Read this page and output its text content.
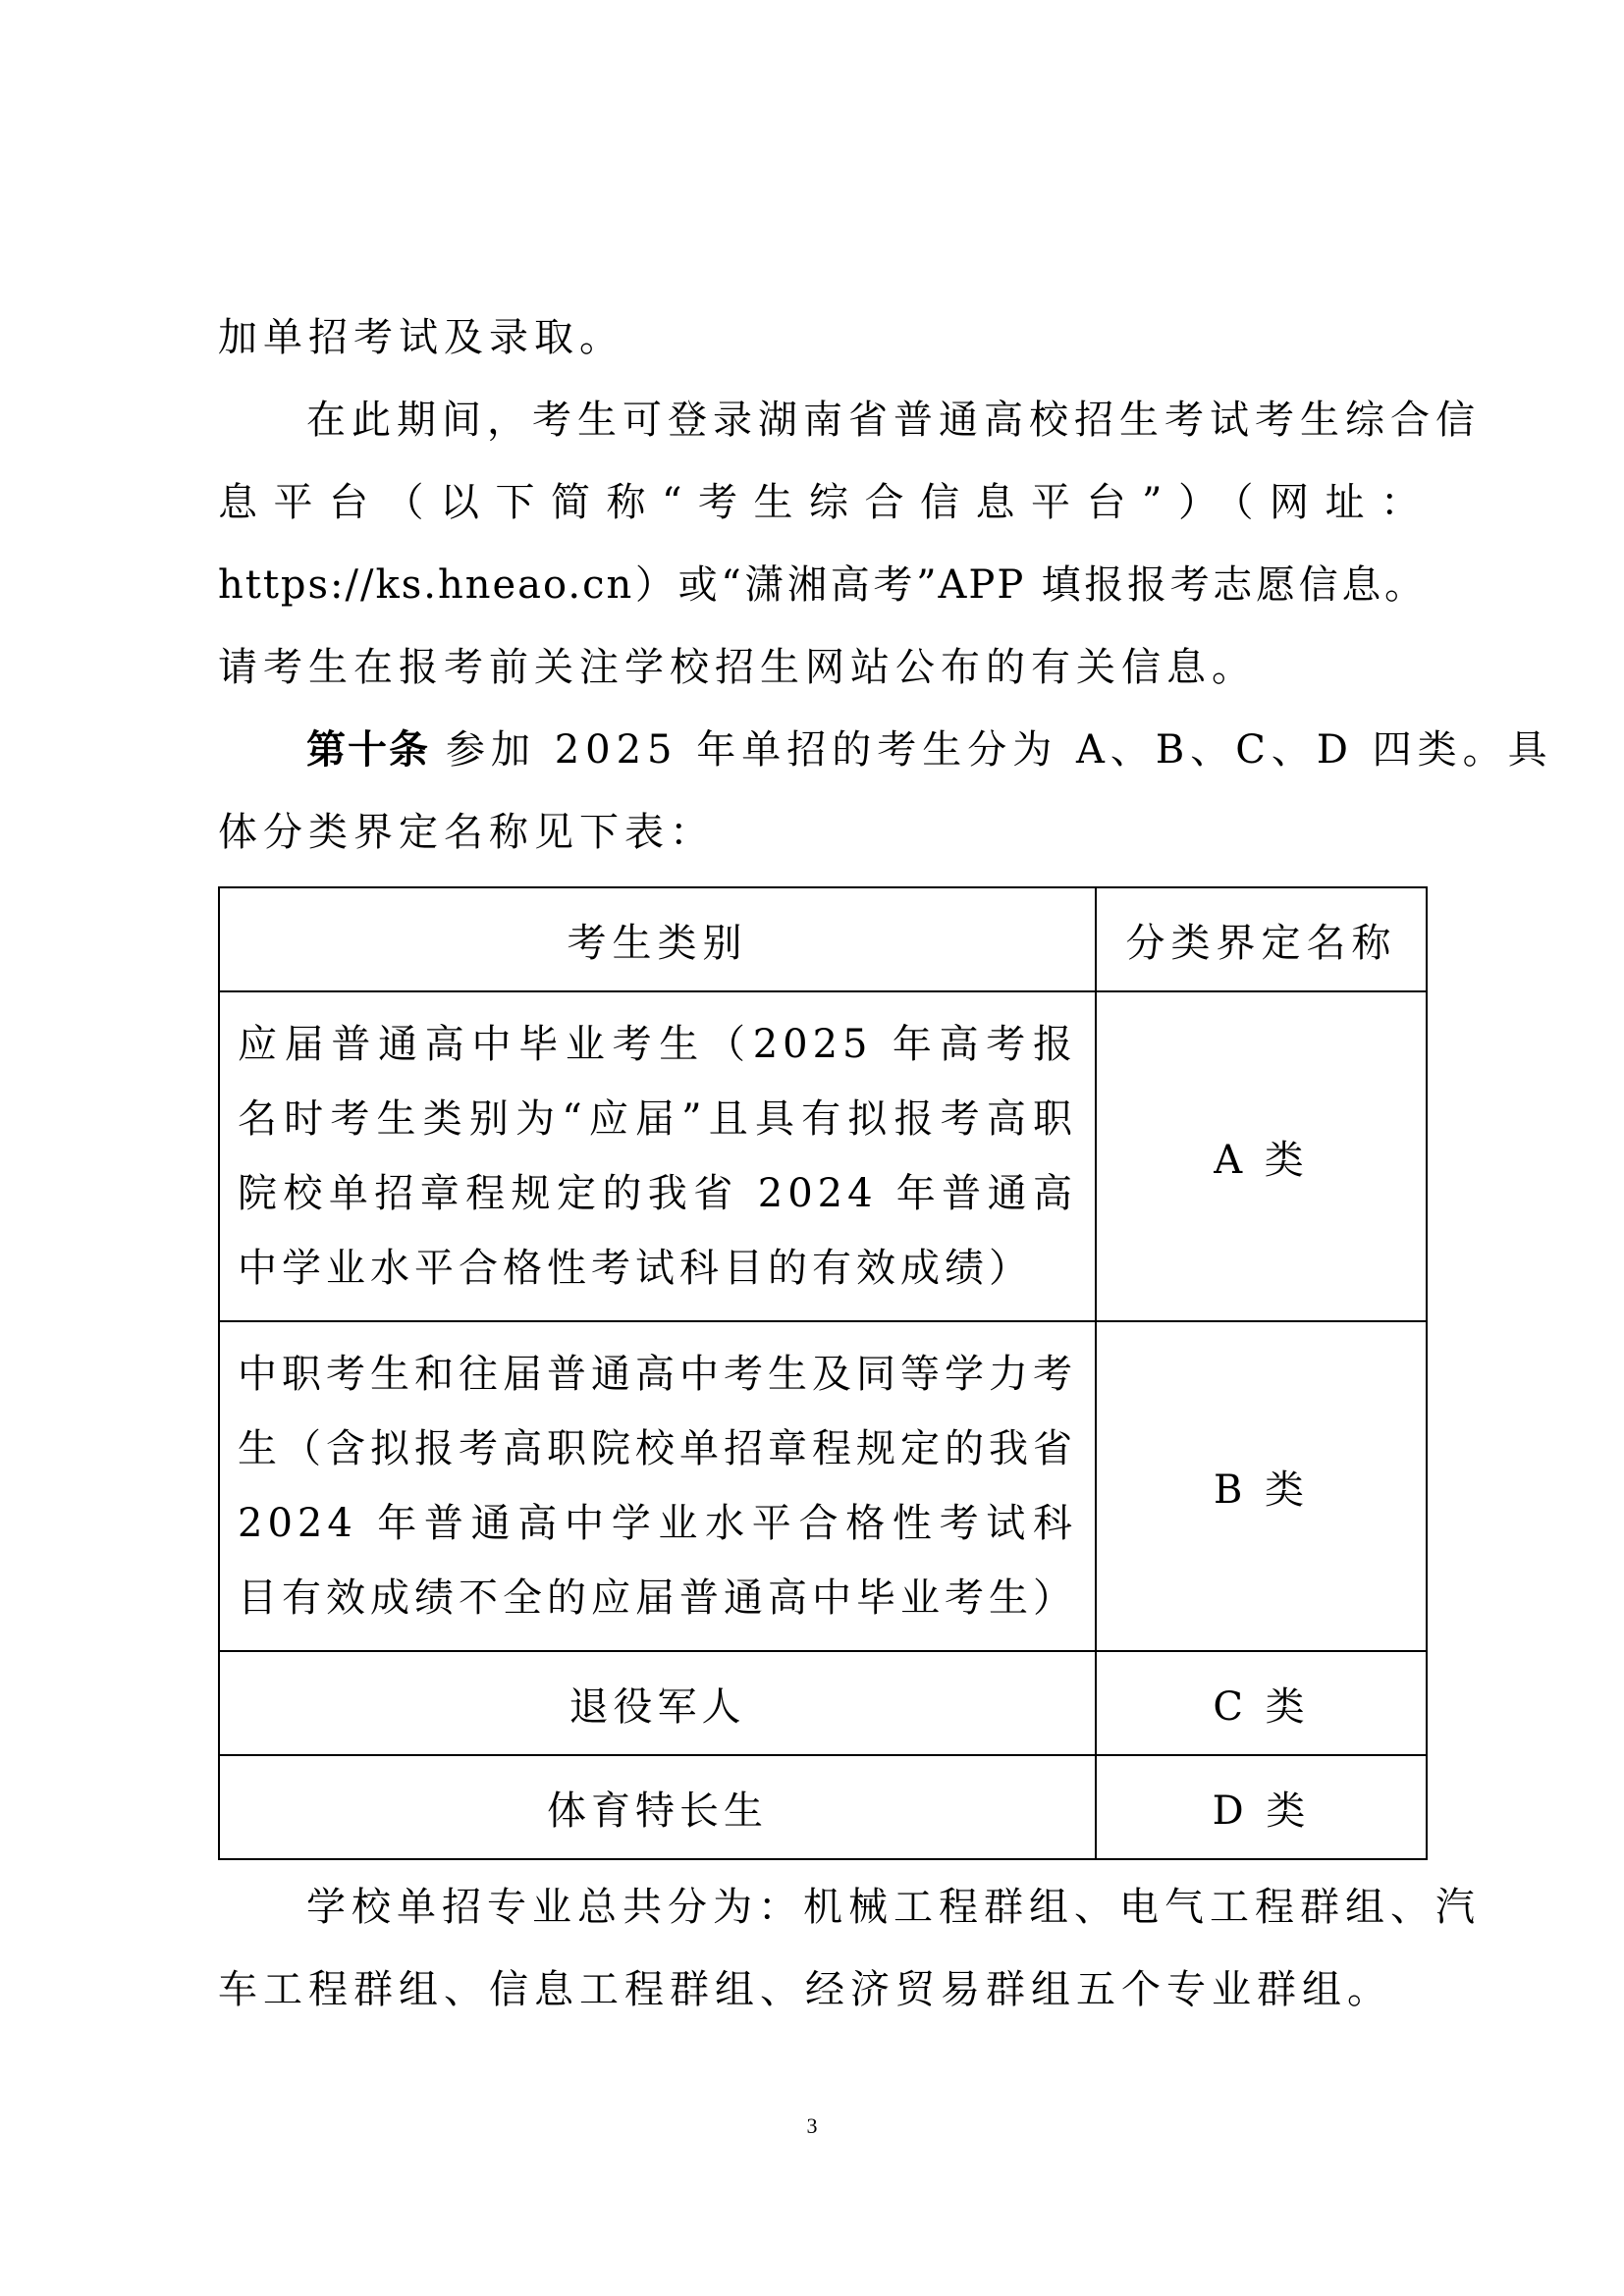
加单招考试及录取。
在此期间，考生可登录湖南省普通高校招生考试考生综合信
息平台（以下简称“考生综合信息平台”）（网址：
https://ks.hneao.cn）或“潇湘高考”APP 填报报考志愿信息。
请考生在报考前关注学校招生网站公布的有关信息。
第十条 参加 2025 年单招的考生分为 A、B、C、D 四类。具
体分类界定名称见下表：
考生类别	分类界定名称
应届普通高中毕业考生（2025 年高考报名时考生类别为“应届”且具有拟报考高职院校单招章程规定的我省 2024 年普通高中学业水平合格性考试科目的有效成绩）	A 类
中职考生和往届普通高中考生及同等学力考生（含拟报考高职院校单招章程规定的我省 2024 年普通高中学业水平合格性考试科目有效成绩不全的应届普通高中毕业考生）	B 类
退役军人	C 类
体育特长生	D 类
学校单招专业总共分为：机械工程群组、电气工程群组、汽
车工程群组、信息工程群组、经济贸易群组五个专业群组。
3
